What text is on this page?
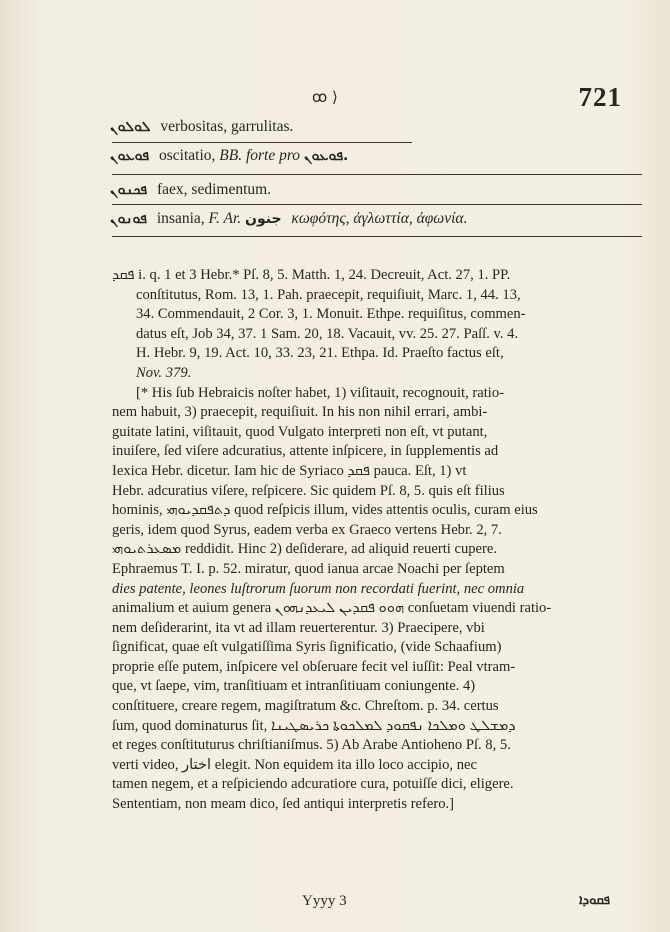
ꝏ ⟩	721
ܠܘܠܘܢ verbositas, garrulitas.
ܦܘܥܘܢ oscitatio, BB. forte pro ܦܘܥܘܢ.
ܦܟܢܘܢ faex, sedimentum.
ܦܘܢܘܢ insania, F. Ar. جنون κωφότης, ἀγλωττία, ἀφωνία.

ܦܩܕ i. q. 1 et 3 Hebr.* Pſ. 8, 5. Matth. 1, 24. Decreuit, Act. 27, 1. PP.
conſtitutus, Rom. 13, 1. Pah. praecepit, requiſiuit, Marc. 1, 44. 13,
34. Commendauit, 2 Cor. 3, 1. Monuit. Ethpe. requiſitus, commen-
datus eſt, Job 34, 37. 1 Sam. 20, 18. Vacauit, vv. 25. 27. Paſſ. v. 4.
H. Hebr. 9, 19. Act. 10, 33. 23, 21. Ethpa. Id. Praeſto factus eſt,
Nov. 379.

[* His ſub Hebraicis noſter habet, 1) viſitauit, recognouit, ratio-
nem habuit, 3) praecepit, requiſiuit. In his non nihil errari, ambi-
guitate latini, viſitauit, quod Vulgato interpreti non eſt, vt putant,
inuiſere, ſed viſere adcuratius, attente inſpicere, in ſupplementis ad
Iexica Hebr. dicetur. Iam hic de Syriaco ܦܩܕ pauca. Eſt, 1) vt
Hebr. adcuratius viſere, reſpicere. Sic quidem Pſ. 8, 5. quis eſt filius
hominis, ܕܬܦܩܕܝܘܗܝ quod reſpicis illum, vides attentis oculis, curam eius
geris, idem quod Syrus, eadem verba ex Graeco vertens Hebr. 2, 7.
ܡܣܥܪܬܝܘܗܝ reddidit. Hinc 2) deſiderare, ad aliquid reuerti cupere.
Ephraemus T. I. p. 52. miratur, quod ianua arcae Noachi per ſeptem
dies patente, leones luſtrorum ſuorum non recordati fuerint, nec omnia
animalium et auium genera ܗܘܘ ܦܩܕܝܢ ܠܝܥܕܢܗܘܢ conſuetam viuendi ratio-
nem deſiderarint, ita vt ad illam reuerterentur. 3) Praecipere, vbi
ſignificat, quae eſt vulgatiſſima Syris ſignificatio, (vide Schaafium)
proprie eſſe putem, inſpicere vel obſeruare fecit vel iuſſit: Peal vtram-
que, vt ſaepe, vim, tranſitiuam et intranſitiuam coniungente. 4)
conſtituere, creare regem, magiſtratum &c. Chreſtom. p. 34. certus
ſum, quod dominaturus ſit, ܕܡܫܠܛ ܘܡܠܟܐ ܢܦܩܘܕ ܠܡܠܟܘܬܐ ܟܪܝܣܛܝܢܐ
et reges conſtituturus chriſtianiſmus. 5) Ab Arabe Antioheno Pſ. 8, 5.
verti video, اختار elegit. Non equidem ita illo loco accipio, nec
tamen negem, et a reſpiciendo adcuratiore cura, potuiſſe dici, eligere.
Sententiam, non meam dico, ſed antiqui interpretis refero.]

Yyyy 3	ܦܩܘܕܐ
